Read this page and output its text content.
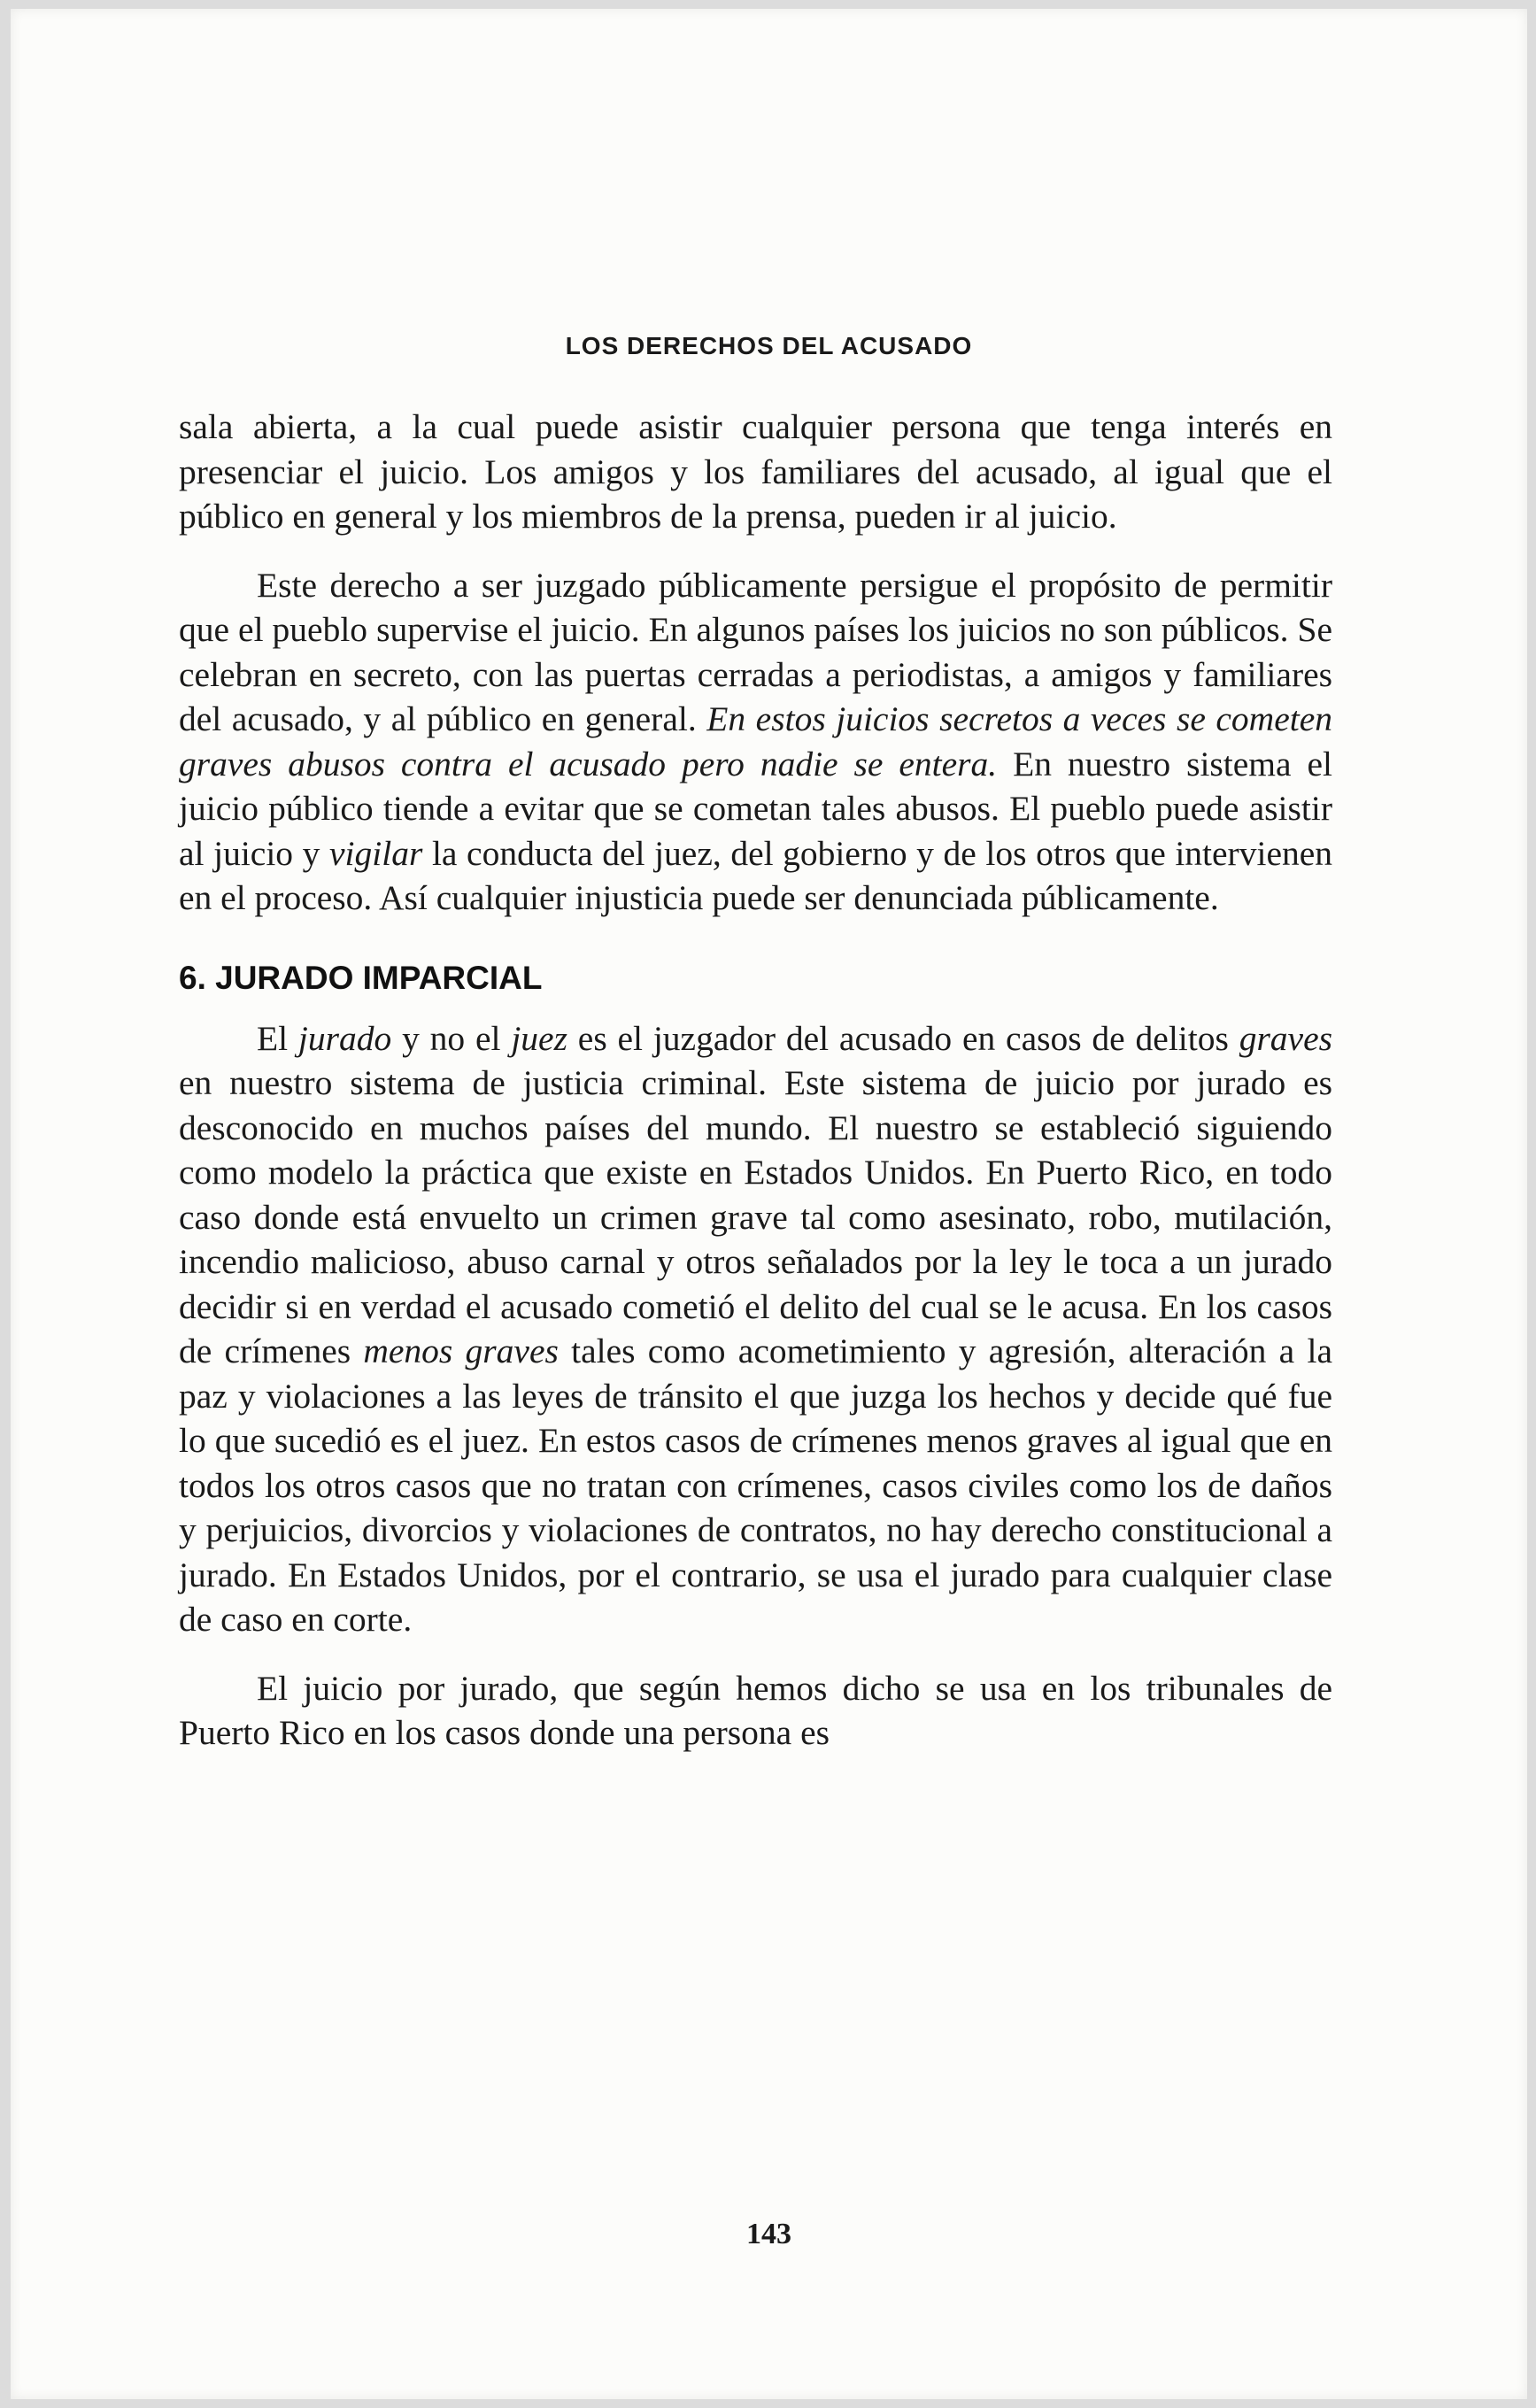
LOS DERECHOS DEL ACUSADO

sala abierta, a la cual puede asistir cualquier persona que tenga interés en presenciar el juicio. Los amigos y los familiares del acusado, al igual que el público en general y los miembros de la prensa, pueden ir al juicio.

Este derecho a ser juzgado públicamente persigue el propósito de permitir que el pueblo supervise el juicio. En algunos países los juicios no son públicos. Se celebran en secreto, con las puertas cerradas a periodistas, a amigos y familiares del acusado, y al público en general. En estos juicios secretos a veces se cometen graves abusos contra el acusado pero nadie se entera. En nuestro sistema el juicio público tiende a evitar que se cometan tales abusos. El pueblo puede asistir al juicio y vigilar la conducta del juez, del gobierno y de los otros que intervienen en el proceso. Así cualquier injusticia puede ser denunciada públicamente.

6. JURADO IMPARCIAL

El jurado y no el juez es el juzgador del acusado en casos de delitos graves en nuestro sistema de justicia criminal. Este sistema de juicio por jurado es desconocido en muchos países del mundo. El nuestro se estableció siguiendo como modelo la práctica que existe en Estados Unidos. En Puerto Rico, en todo caso donde está envuelto un crimen grave tal como asesinato, robo, mutilación, incendio malicioso, abuso carnal y otros señalados por la ley le toca a un jurado decidir si en verdad el acusado cometió el delito del cual se le acusa. En los casos de crímenes menos graves tales como acometimiento y agresión, alteración a la paz y violaciones a las leyes de tránsito el que juzga los hechos y decide qué fue lo que sucedió es el juez. En estos casos de crímenes menos graves al igual que en todos los otros casos que no tratan con crímenes, casos civiles como los de daños y perjuicios, divorcios y violaciones de contratos, no hay derecho constitucional a jurado. En Estados Unidos, por el contrario, se usa el jurado para cualquier clase de caso en corte.

El juicio por jurado, que según hemos dicho se usa en los tribunales de Puerto Rico en los casos donde una persona es

143
